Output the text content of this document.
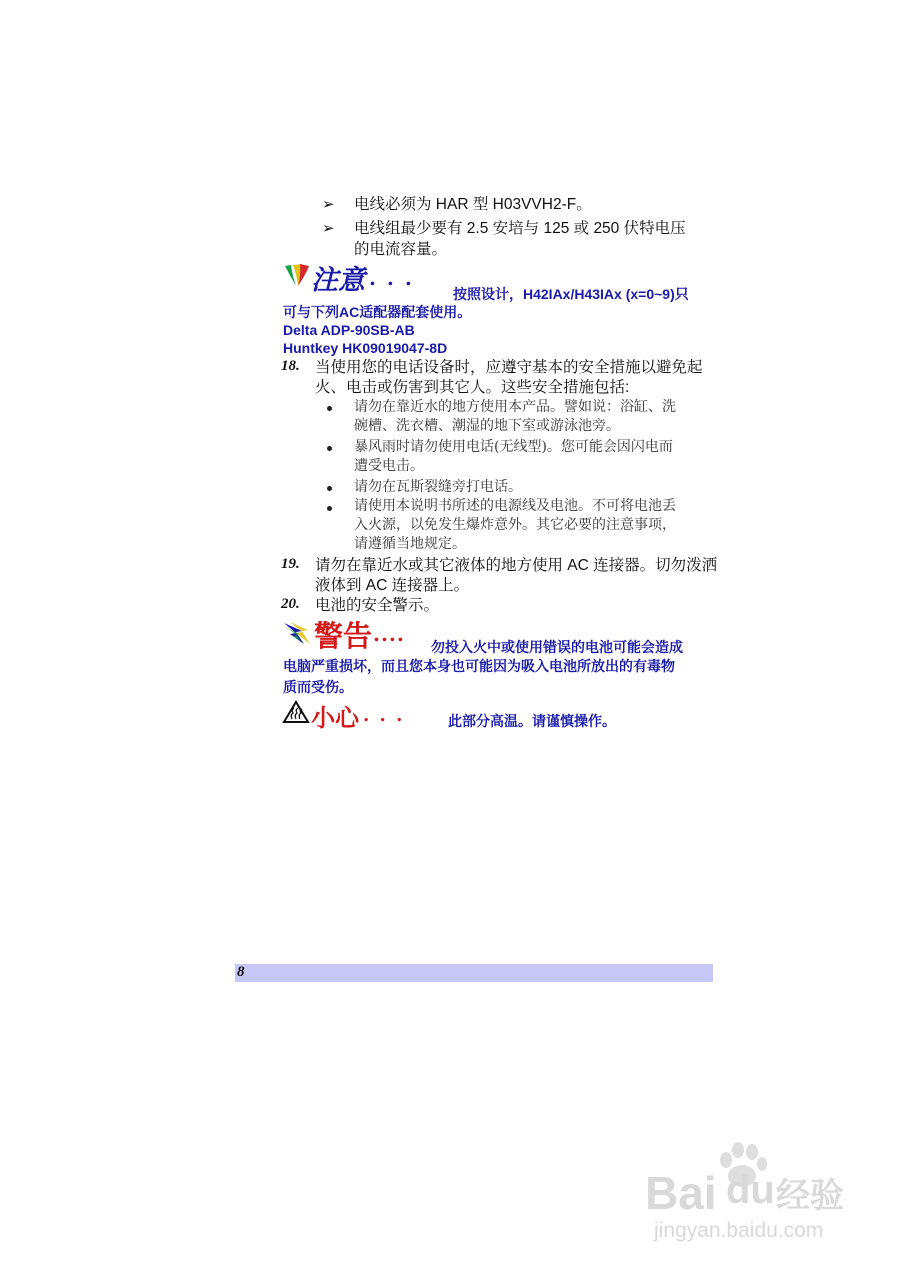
➢ 电线必须为 HAR 型 H03VVH2-F。
➢ 电线组最少要有 2.5 安培与 125 或 250 伏特电压
的电流容量。
注意 . . .
按照设计，H42IAx/H43IAx (x=0~9)只
可与下列AC适配器配套使用。
Delta ADP-90SB-AB
Huntkey HK09019047-8D
18. 当使用您的电话设备时，应遵守基本的安全措施以避免起
火、电击或伤害到其它人。这些安全措施包括:
请勿在靠近水的地方使用本产品。譬如说：浴缸、洗
碗槽、洗衣槽、潮湿的地下室或游泳池旁。
暴风雨时请勿使用电话(无线型)。您可能会因闪电而
遭受电击。
请勿在瓦斯裂缝旁打电话。
请使用本说明书所述的电源线及电池。不可将电池丢
入火源，以免发生爆炸意外。其它必要的注意事项，
请遵循当地规定。
19. 请勿在靠近水或其它液体的地方使用 AC 连接器。切勿泼洒
液体到 AC 连接器上。
20. 电池的安全警示。
警告 ....
勿投入火中或使用错误的电池可能会造成
电脑严重损坏，而且您本身也可能因为吸入电池所放出的有毒物
质而受伤。
小心 . . .	此部分高温。请谨慎操作。
8
Bai du 经验
jingyan.baidu.com
